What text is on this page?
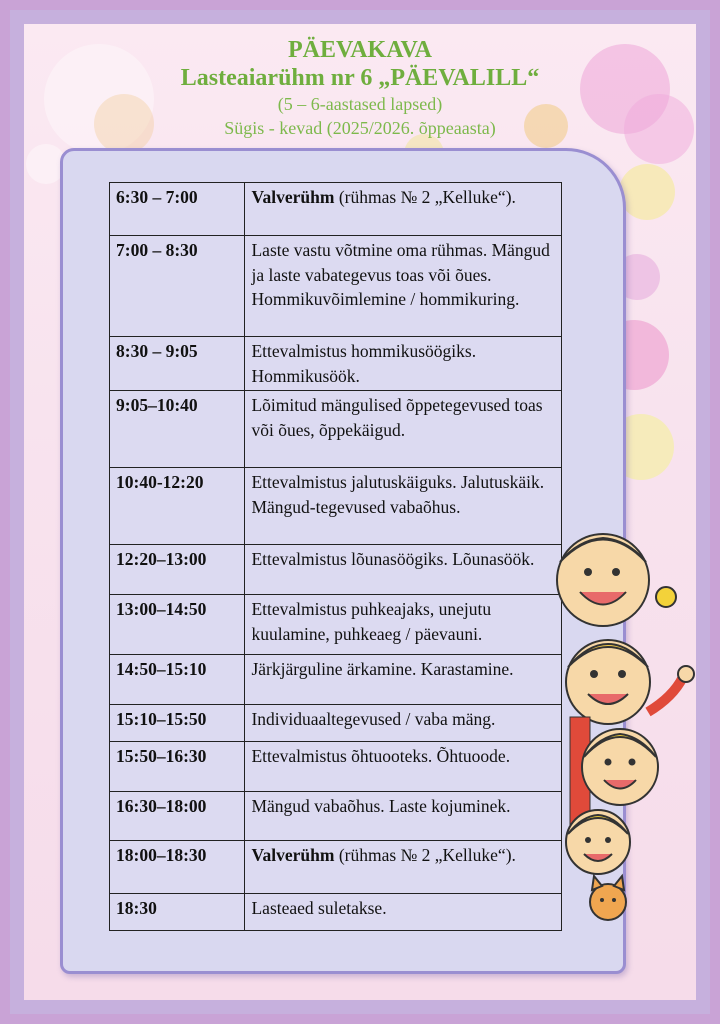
PÄEVAKAVA
Lasteaiarühm nr 6 „PÄEVALILL“
(5 – 6-aastased lapsed)
Sügis - kevad (2025/2026. õppeaasta)
6:30 – 7:00	Valverühm (rühmas № 2 „Kelluke“).
7:00 – 8:30	Laste vastu võtmine oma rühmas. Mängud ja laste vabategevus toas või õues. Hommikuvõimlemine / hommikuring.
8:30 – 9:05	Ettevalmistus hommikusöögiks. Hommikusöök.
9:05–10:40	Lõimitud mängulised õppetegevused toas või õues, õppekäigud.
10:40-12:20	Ettevalmistus jalutuskäiguks. Jalutuskäik. Mängud-tegevused vabaõhus.
12:20–13:00	Ettevalmistus lõunasöögiks. Lõunasöök.
13:00–14:50	Ettevalmistus puhkeajaks, unejutu kuulamine, puhkeaeg / päevauni.
14:50–15:10	Järkjärguline ärkamine. Karastamine.
15:10–15:50	Individuaaltegevused / vaba mäng.
15:50–16:30	Ettevalmistus õhtuooteks. Õhtuoode.
16:30–18:00	Mängud vabaõhus. Laste kojuminek.
18:00–18:30	Valverühm (rühmas № 2 „Kelluke“).
18:30	Lasteaed suletakse.
